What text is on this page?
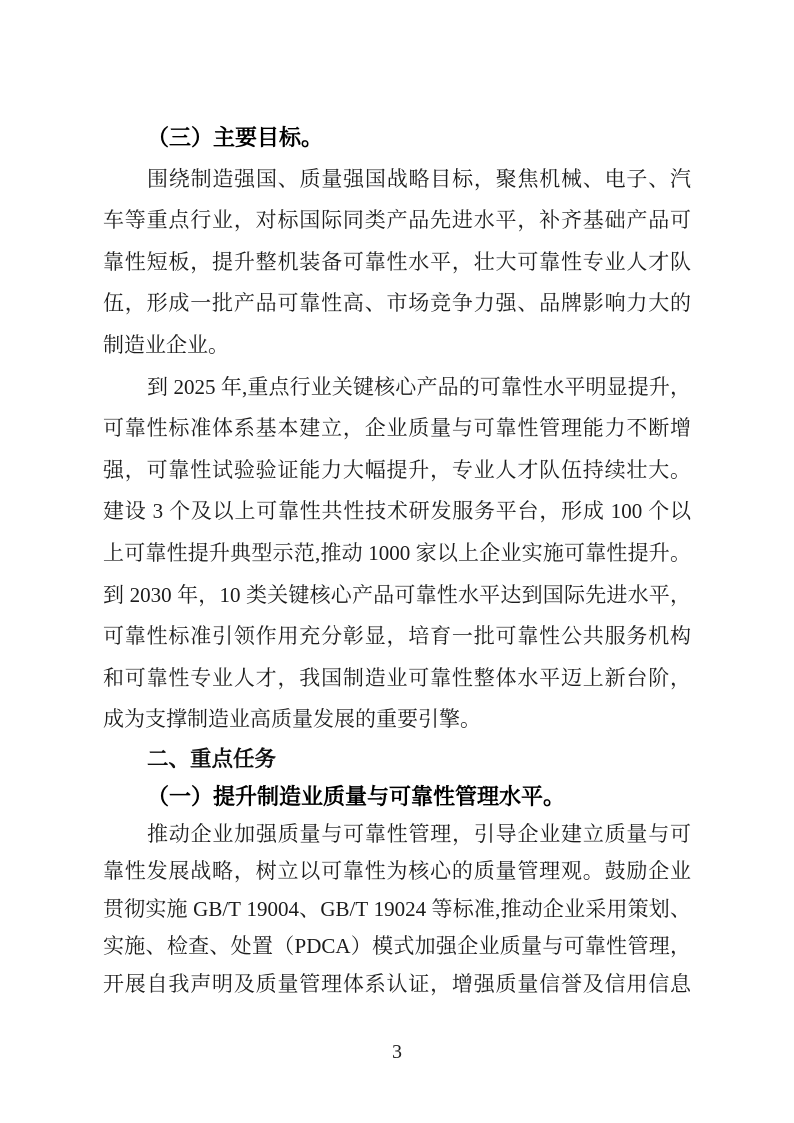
（三）主要目标。
围绕制造强国、质量强国战略目标，聚焦机械、电子、汽
车等重点行业，对标国际同类产品先进水平，补齐基础产品可
靠性短板，提升整机装备可靠性水平，壮大可靠性专业人才队
伍，形成一批产品可靠性高、市场竞争力强、品牌影响力大的
制造业企业。
到 2025 年,重点行业关键核心产品的可靠性水平明显提升，
可靠性标准体系基本建立，企业质量与可靠性管理能力不断增
强，可靠性试验验证能力大幅提升，专业人才队伍持续壮大。
建设 3 个及以上可靠性共性技术研发服务平台，形成 100 个以
上可靠性提升典型示范,推动 1000 家以上企业实施可靠性提升。
到 2030 年，10 类关键核心产品可靠性水平达到国际先进水平，
可靠性标准引领作用充分彰显，培育一批可靠性公共服务机构
和可靠性专业人才，我国制造业可靠性整体水平迈上新台阶，
成为支撑制造业高质量发展的重要引擎。
二、重点任务
（一）提升制造业质量与可靠性管理水平。
推动企业加强质量与可靠性管理，引导企业建立质量与可
靠性发展战略，树立以可靠性为核心的质量管理观。鼓励企业
贯彻实施 GB/T 19004、GB/T 19024 等标准,推动企业采用策划、
实施、检查、处置（PDCA）模式加强企业质量与可靠性管理，
开展自我声明及质量管理体系认证，增强质量信誉及信用信息
3
